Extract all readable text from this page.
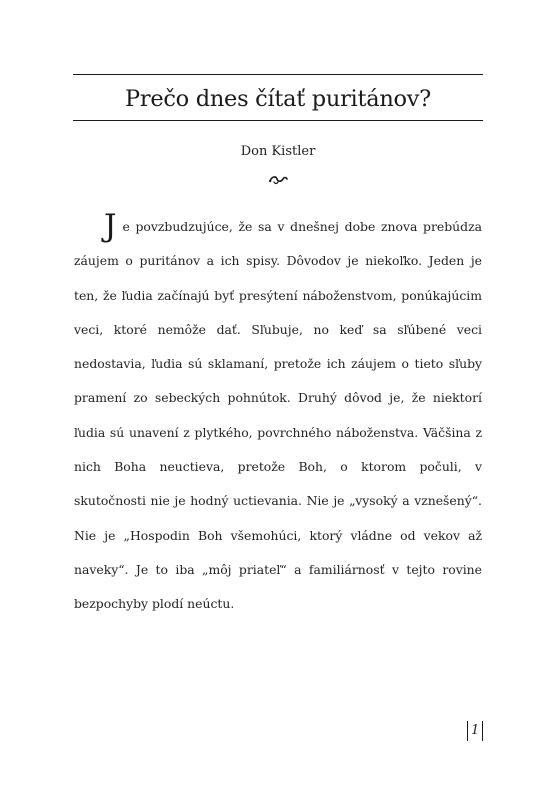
Prečo dnes čítať puritánov?
Don Kistler
Je povzbudzujúce, že sa v dnešnej dobe znova prebúdza záujem o puritánov a ich spisy. Dôvodov je niekoľko. Jeden je ten, že ľudia začínajú byť presýtení náboženstvom, ponúkajúcim veci, ktoré nemôže dať. Sľubuje, no keď sa sľúbené veci nedostavia, ľudia sú sklamaní, pretože ich záujem o tieto sľuby pramení zo sebeckých pohnútok. Druhý dôvod je, že niektorí ľudia sú unavení z plytkého, povrchného náboženstva. Väčšina z nich Boha neuctieva, pretože Boh, o ktorom počuli, v skutočnosti nie je hodný uctievania. Nie je „vysoký a vznešený“. Nie je „Hospodin Boh všemohúci, ktorý vládne od vekov až naveky“. Je to iba „môj priateľ“ a familiárnosť v tejto rovine bezpochyby plodí neúctu.
1
